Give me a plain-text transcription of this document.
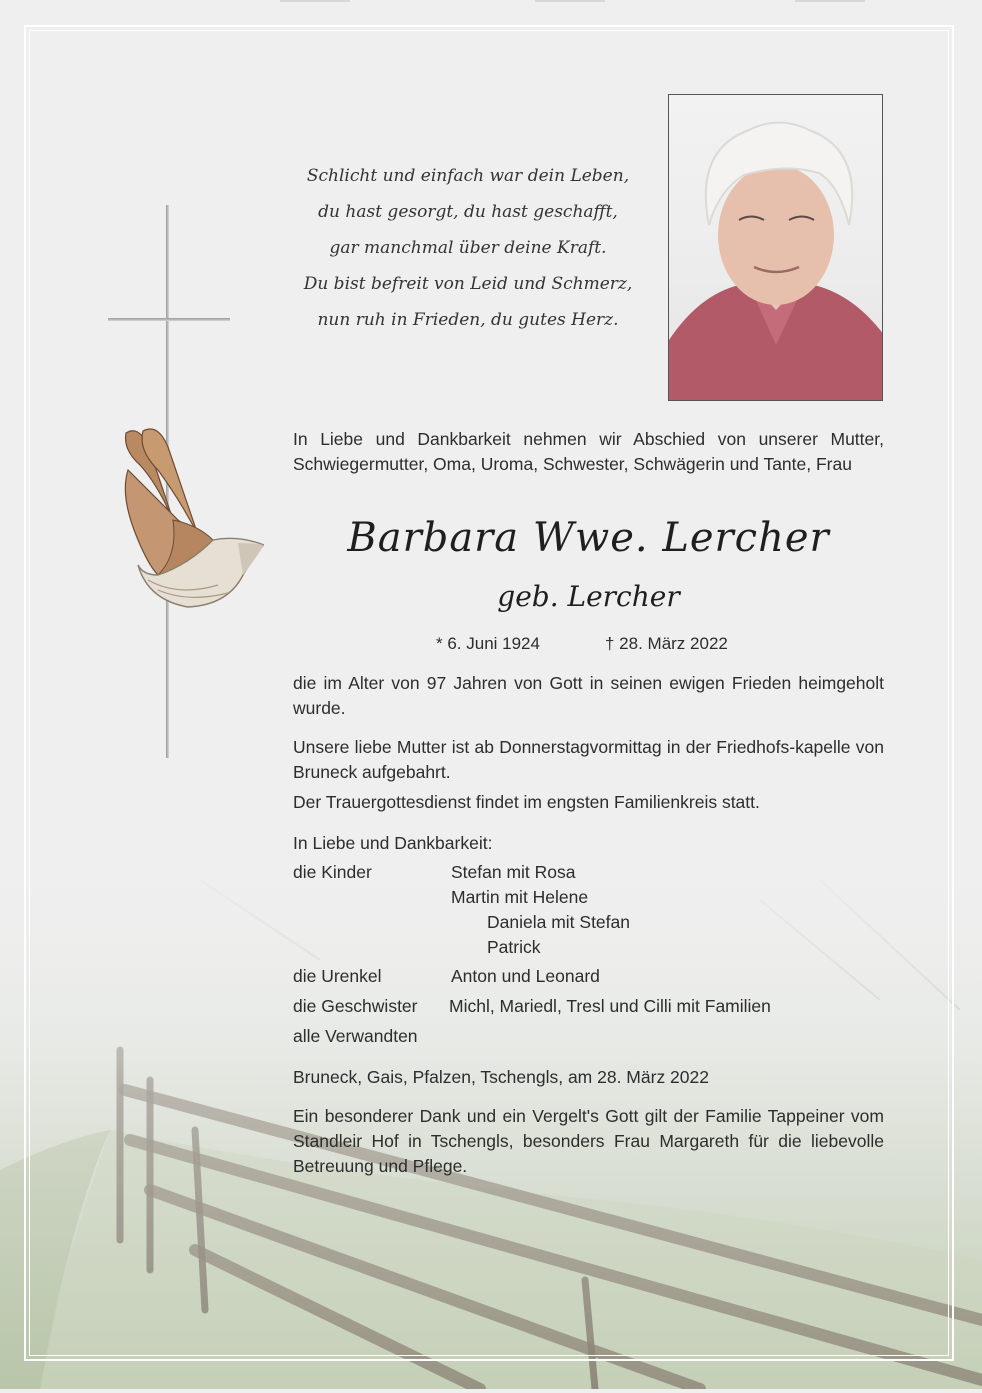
Schlicht und einfach war dein Leben,
du hast gesorgt, du hast geschafft,
gar manchmal über deine Kraft.
Du bist befreit von Leid und Schmerz,
nun ruh in Frieden, du gutes Herz.
In Liebe und Dankbarkeit nehmen wir Abschied von unserer Mutter, Schwiegermutter, Oma, Uroma, Schwester, Schwägerin und Tante, Frau
Barbara Wwe. Lercher
geb. Lercher
* 6. Juni 1924	† 28. März 2022
die im Alter von 97 Jahren von Gott in seinen ewigen Frieden heimgeholt wurde.
Unsere liebe Mutter ist ab Donnerstagvormittag in der Friedhofs-kapelle von Bruneck aufgebahrt.
Der Trauergottesdienst findet im engsten Familienkreis statt.
In Liebe und Dankbarkeit:
die Kinder	Stefan mit Rosa
Martin mit Helene
Daniela mit Stefan
Patrick
die Urenkel	Anton und Leonard
die Geschwister Michl, Mariedl, Tresl und Cilli mit Familien
alle Verwandten
Bruneck, Gais, Pfalzen, Tschengls, am 28. März 2022
Ein besonderer Dank und ein Vergelt's Gott gilt der Familie Tappeiner vom Standleir Hof in Tschengls, besonders Frau Margareth für die liebevolle Betreuung und Pflege.
